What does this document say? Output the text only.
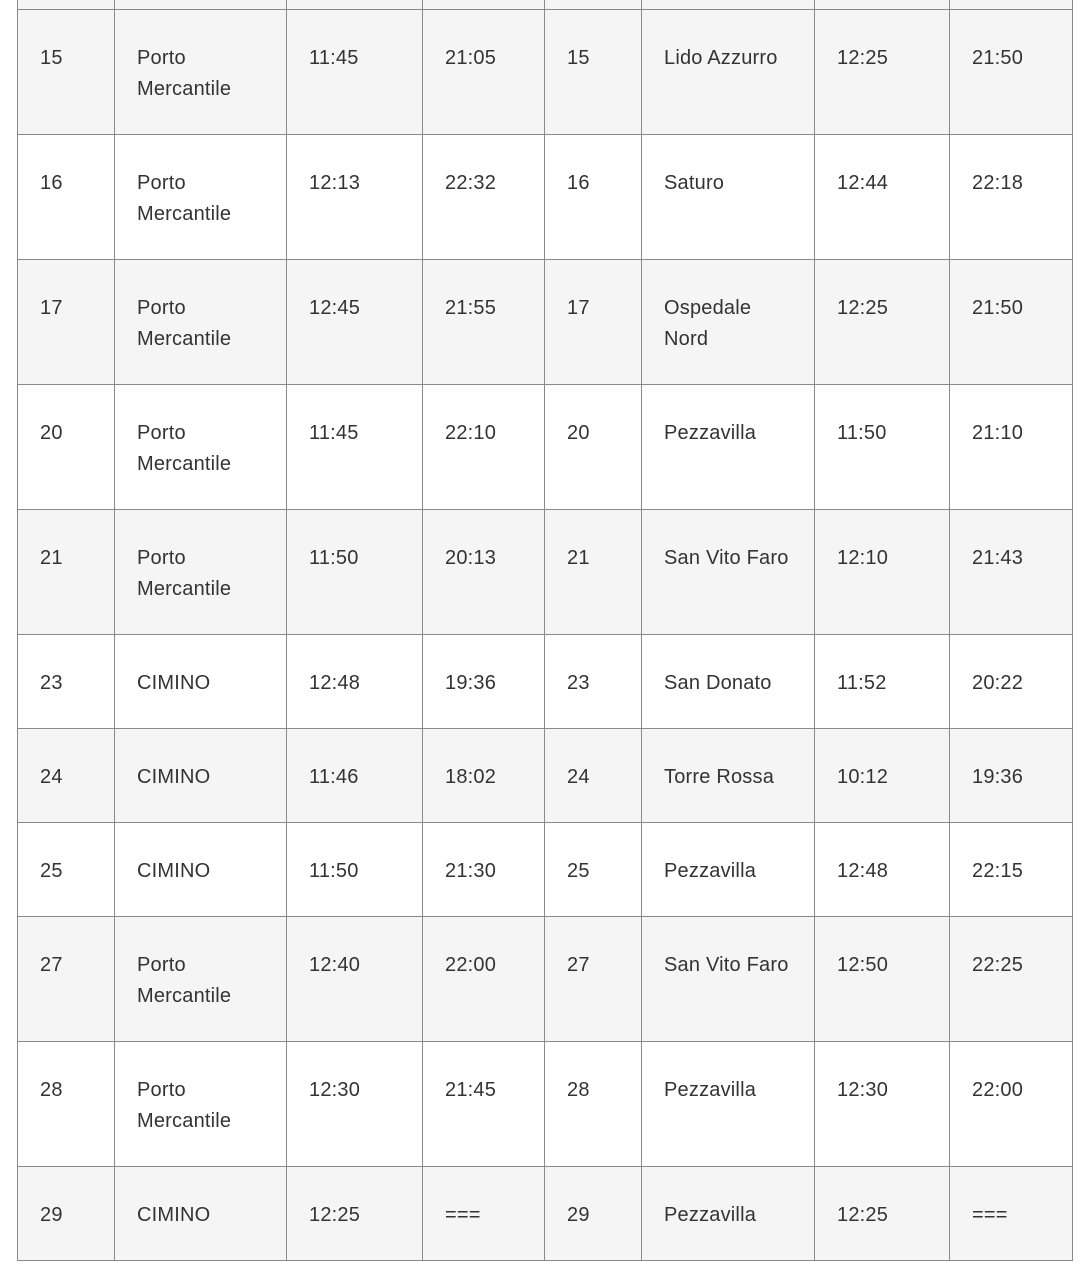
15	Porto Mercantile	11:45	21:05	15	Lido Azzurro	12:25	21:50
16	Porto Mercantile	12:13	22:32	16	Saturo	12:44	22:18
17	Porto Mercantile	12:45	21:55	17	Ospedale Nord	12:25	21:50
20	Porto Mercantile	11:45	22:10	20	Pezzavilla	11:50	21:10
21	Porto Mercantile	11:50	20:13	21	San Vito Faro	12:10	21:43
23	CIMINO	12:48	19:36	23	San Donato	11:52	20:22
24	CIMINO	11:46	18:02	24	Torre Rossa	10:12	19:36
25	CIMINO	11:50	21:30	25	Pezzavilla	12:48	22:15
27	Porto Mercantile	12:40	22:00	27	San Vito Faro	12:50	22:25
28	Porto Mercantile	12:30	21:45	28	Pezzavilla	12:30	22:00
29	CIMINO	12:25	===	29	Pezzavilla	12:25	===
